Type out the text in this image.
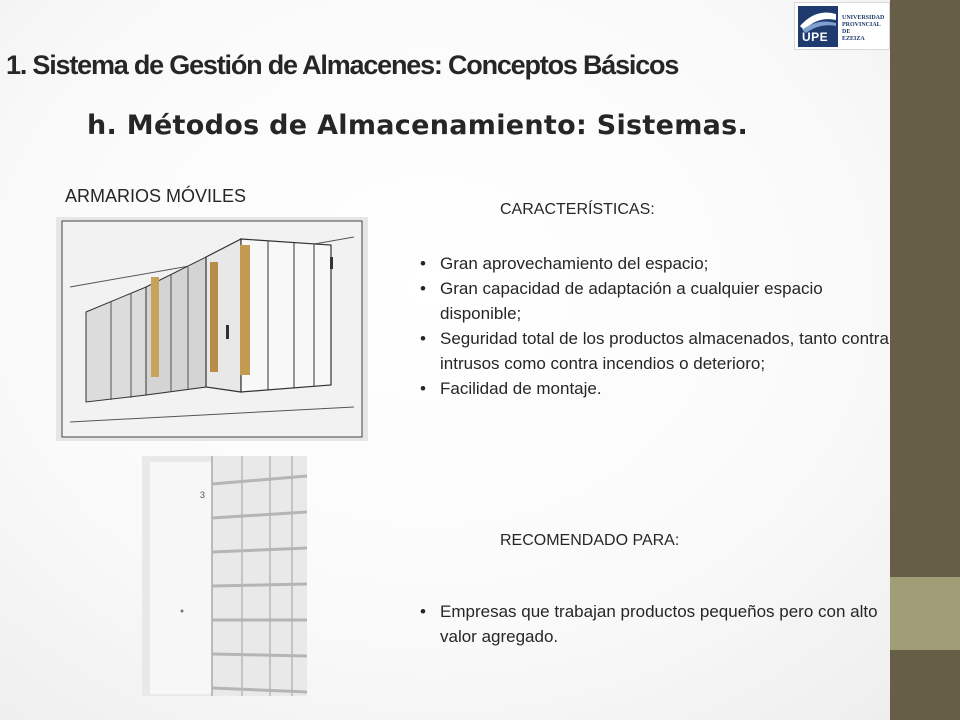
UPE
UNIVERSIDAD
PROVINCIAL DE
EZEIZA
1. Sistema de Gestión de Almacenes: Conceptos Básicos
h. Métodos de Almacenamiento: Sistemas.
ARMARIOS MÓVILES
3
CARACTERÍSTICAS:
• Gran aprovechamiento del espacio;
• Gran capacidad de adaptación a cualquier espacio disponible;
• Seguridad total de los productos almacenados, tanto contra intrusos como contra incendios o deterioro;
• Facilidad de montaje.
RECOMENDADO PARA:
• Empresas que trabajan productos pequeños pero con alto valor agregado.
